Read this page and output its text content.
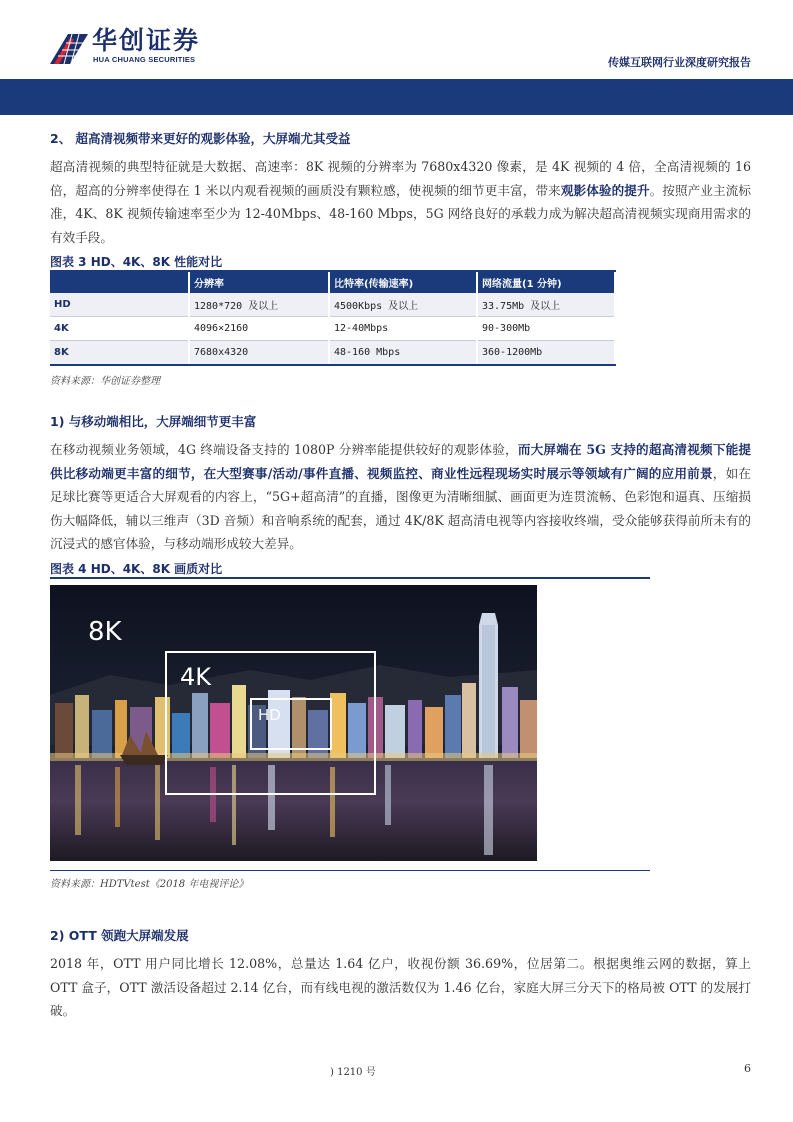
华创证券
HUA CHUANG SECURITIES	传媒互联网行业深度研究报告
2、 超高清视频带来更好的观影体验，大屏端尤其受益
超高清视频的典型特征就是大数据、高速率：8K 视频的分辨率为 7680x4320 像素，是 4K 视频的 4 倍，全高清视频的 16 倍，超高的分辨率使得在 1 米以内观看视频的画质没有颗粒感，使视频的细节更丰富，带来观影体验的提升。按照产业主流标准，4K、8K 视频传输速率至少为 12-40Mbps、48-160 Mbps，5G 网络良好的承载力成为解决超高清视频实现商用需求的有效手段。
图表 3 HD、4K、8K 性能对比
	分辨率	比特率(传输速率)	网络流量(1 分钟)
HD	1280*720 及以上	4500Kbps 及以上	33.75Mb 及以上
4K	4096×2160	12-40Mbps	90-300Mb
8K	7680x4320	48-160 Mbps	360-1200Mb
资料来源：华创证券整理
1) 与移动端相比，大屏端细节更丰富
在移动视频业务领域，4G 终端设备支持的 1080P 分辨率能提供较好的观影体验，而大屏端在 5G 支持的超高清视频下能提供比移动端更丰富的细节，在大型赛事/活动/事件直播、视频监控、商业性远程现场实时展示等领域有广阔的应用前景，如在足球比赛等更适合大屏观看的内容上，“5G+超高清”的直播，图像更为清晰细腻、画面更为连贯流畅、色彩饱和逼真、压缩损伤大幅降低，辅以三维声（3D 音频）和音响系统的配套，通过 4K/8K 超高清电视等内容接收终端，受众能够获得前所未有的沉浸式的感官体验，与移动端形成较大差异。
图表 4 HD、4K、8K 画质对比
8K
4K
HD
资料来源：HDTVtest《2018 年电视评论》
2) OTT 领跑大屏端发展
2018 年，OTT 用户同比增长 12.08%，总量达 1.64 亿户，收视份额 36.69%，位居第二。根据奥维云网的数据，算上 OTT 盒子，OTT 激活设备超过 2.14 亿台，而有线电视的激活数仅为 1.46 亿台，家庭大屏三分天下的格局被 OTT 的发展打破。
) 1210 号	6
